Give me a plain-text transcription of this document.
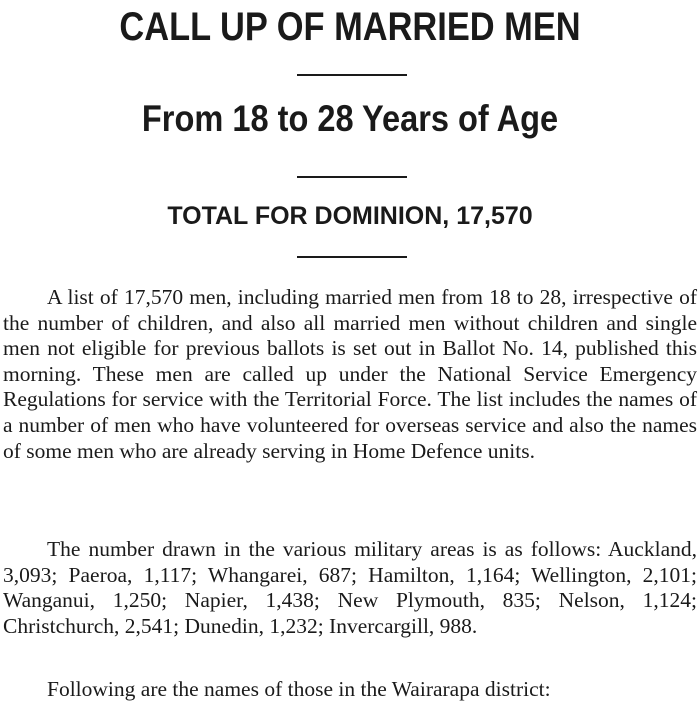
CALL UP OF MARRIED MEN
From 18 to 28 Years of Age
TOTAL FOR DOMINION, 17,570

A list of 17,570 men, including married men from 18 to 28, irrespective of the number of children, and also all married men without children and single men not eligible for previous ballots is set out in Ballot No. 14, published this morning. These men are called up under the National Service Emergency Regulations for service with the Territorial Force. The list includes the names of a number of men who have volunteered for overseas service and also the names of some men who are already serving in Home Defence units.

The number drawn in the various military areas is as follows: Auckland, 3,093; Paeroa, 1,117; Whangarei, 687; Hamilton, 1,164; Wellington, 2,101; Wanganui, 1,250; Napier, 1,438; New Plymouth, 835; Nelson, 1,124; Christchurch, 2,541; Dunedin, 1,232; Invercargill, 988.

Following are the names of those in the Wairarapa district:
